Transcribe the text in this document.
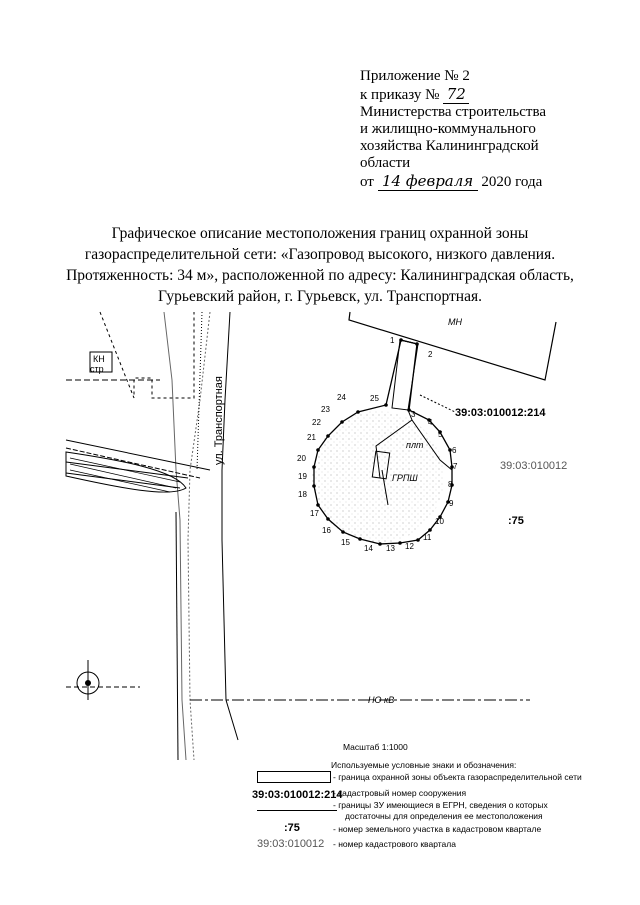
Приложение № 2
к приказу № 72
Министерства строительства
и жилищно-коммунального
хозяйства Калининградской
области
от 14 февраля 2020 года
Графическое описание местоположения границ охранной зоны
газораспределительной сети: «Газопровод высокого, низкого давления.
Протяженность: 34 м», расположенной по адресу: Калининградская область,
Гурьевский район, г. Гурьевск, ул. Транспортная.
КН
стр
ул. Транспортная
МН
плт
ГРПШ
1
2
3
4
5
6
7
8
9
10
11
12
13
14
15
16
17
18
19
20
21
22
23
24	25
39:03:010012:214
39:03:010012
:75
НО кВ
Масштаб 1:1000
Используемые условные знаки и обозначения:
- граница охранной зоны объекта газораспределительной сети
39:03:010012:214
- кадастровый номер сооружения
- границы ЗУ имеющиеся в ЕГРН, сведения о которых
достаточны для определения ее местоположения
:75	- номер земельного участка в кадастровом квартале
39:03:010012 - номер кадастрового квартала
